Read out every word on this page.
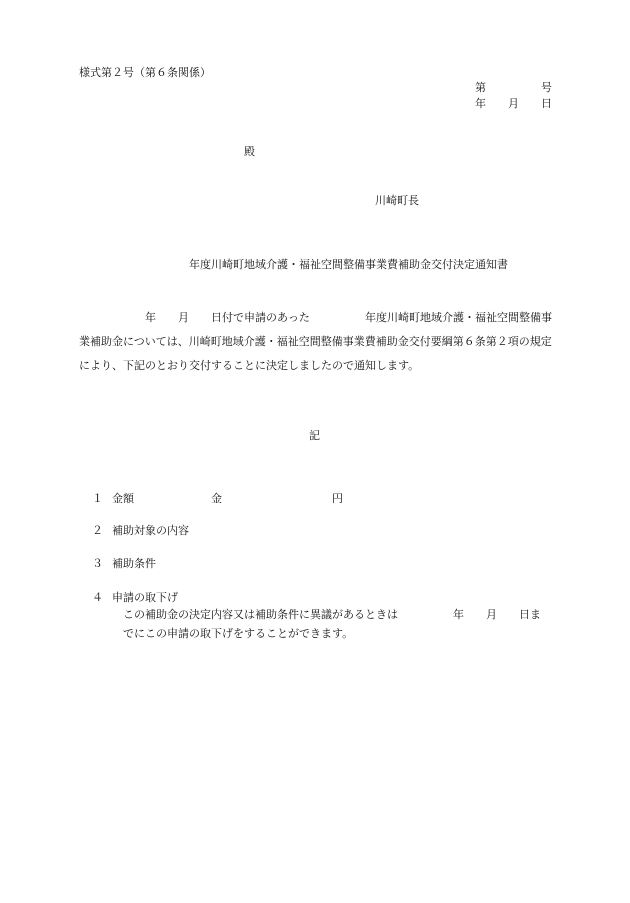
様式第２号（第６条関係）
第	号
年 月 日
殿
川崎町長
年度川崎町地域介護・福祉空間整備事業費補助金交付決定通知書
年 月 日付で申請のあった	年度川崎町地域介護・福祉空間整備事
業補助金については、川崎町地域介護・福祉空間整備事業費補助金交付要綱第６条第２項の規定
により、下記のとおり交付することに決定しましたので通知します。
記
１ 金額	金	円
２ 補助対象の内容
３ 補助条件
４ 申請の取下げ
この補助金の決定内容又は補助条件に異議があるときは	年 月 日ま
でにこの申請の取下げをすることができます。
